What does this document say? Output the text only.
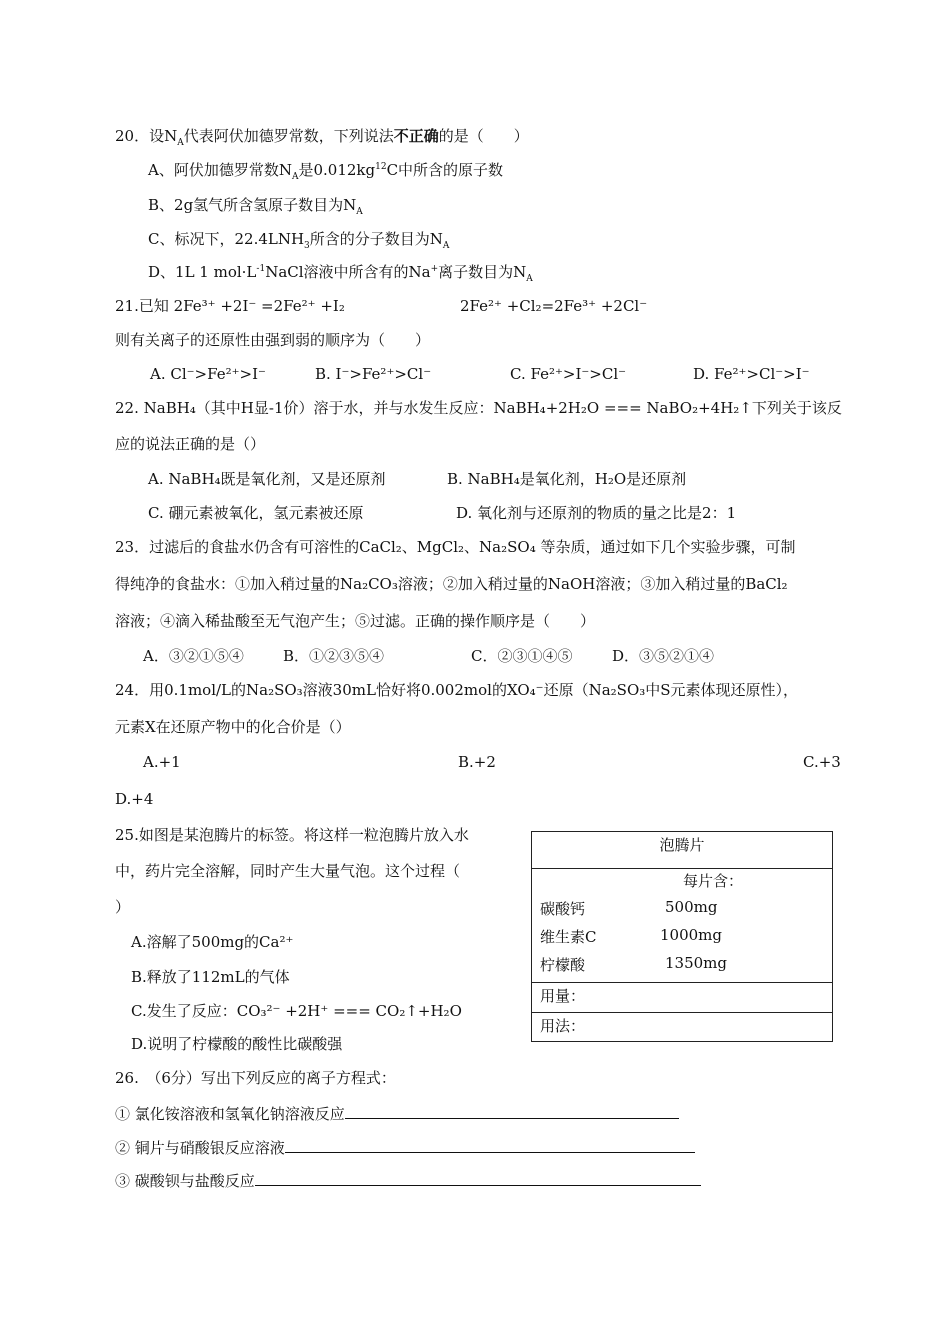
20．设$N_A$代表阿伏加德罗常数，下列说法不正确的是（　　）
A、阿伏加德罗常数$N_A$是$0.012kg^{12}C$中所含的原子数
B、2g氢气所含氢原子数目为$N_A$
C、标况下，$22.4LNH_3$所含的分子数目为$N_A$
D、1L 1 $mol\cdot L^{-1}NaCl$溶液中所含有的Na+离子数目为$N_A$
21.已知 2Fe³⁺ +2I⁻ =2Fe²⁺ +I₂	2Fe²⁺ +Cl₂=2Fe³⁺ +2Cl⁻
则有关离子的还原性由强到弱的顺序为（　　）
A. Cl⁻>Fe²⁺>I⁻	B. I⁻>Fe²⁺>Cl⁻	C. Fe²⁺>I⁻>Cl⁻	D. Fe²⁺>Cl⁻>I⁻
22. NaBH₄（其中H显-1价）溶于水，并与水发生反应：NaBH₄+2H₂O === NaBO₂+4H₂↑下列关于该反
应的说法正确的是（）
A. NaBH₄既是氧化剂，又是还原剂	B. NaBH₄是氧化剂，H₂O是还原剂
C. 硼元素被氧化，氢元素被还原	D. 氧化剂与还原剂的物质的量之比是2：1
23．过滤后的食盐水仍含有可溶性的CaCl₂、MgCl₂、Na₂SO₄ 等杂质，通过如下几个实验步骤，可制
得纯净的食盐水：①加入稍过量的Na₂CO₃溶液；②加入稍过量的NaOH溶液；③加入稍过量的BaCl₂
溶液；④滴入稀盐酸至无气泡产生；⑤过滤。正确的操作顺序是（　　）
A．③②①⑤④	B．①②③⑤④	C．②③①④⑤	D．③⑤②①④
24．用0.1mol/L的Na₂SO₃溶液30mL恰好将0.002mol的XO₄⁻还原（Na₂SO₃中S元素体现还原性），
元素X在还原产物中的化合价是（）
A.+1	B.+2	C.+3
D.+4
25.如图是某泡腾片的标签。将这样一粒泡腾片放入水
中，药片完全溶解，同时产生大量气泡。这个过程（
）
A.溶解了500mg的Ca²⁺
B.释放了112mL的气体
C.发生了反应：CO₃²⁻ +2H⁺ === CO₂↑+H₂O
D.说明了柠檬酸的酸性比碳酸强
泡腾片
每片含：
碳酸钙	500mg
维生素C	1000mg
柠檬酸	1350mg
用量：
用法：
26.　（6分）写出下列反应的离子方程式：
① 氯化铵溶液和氢氧化钠溶液反应
② 铜片与硝酸银反应溶液
③ 碳酸钡与盐酸反应
